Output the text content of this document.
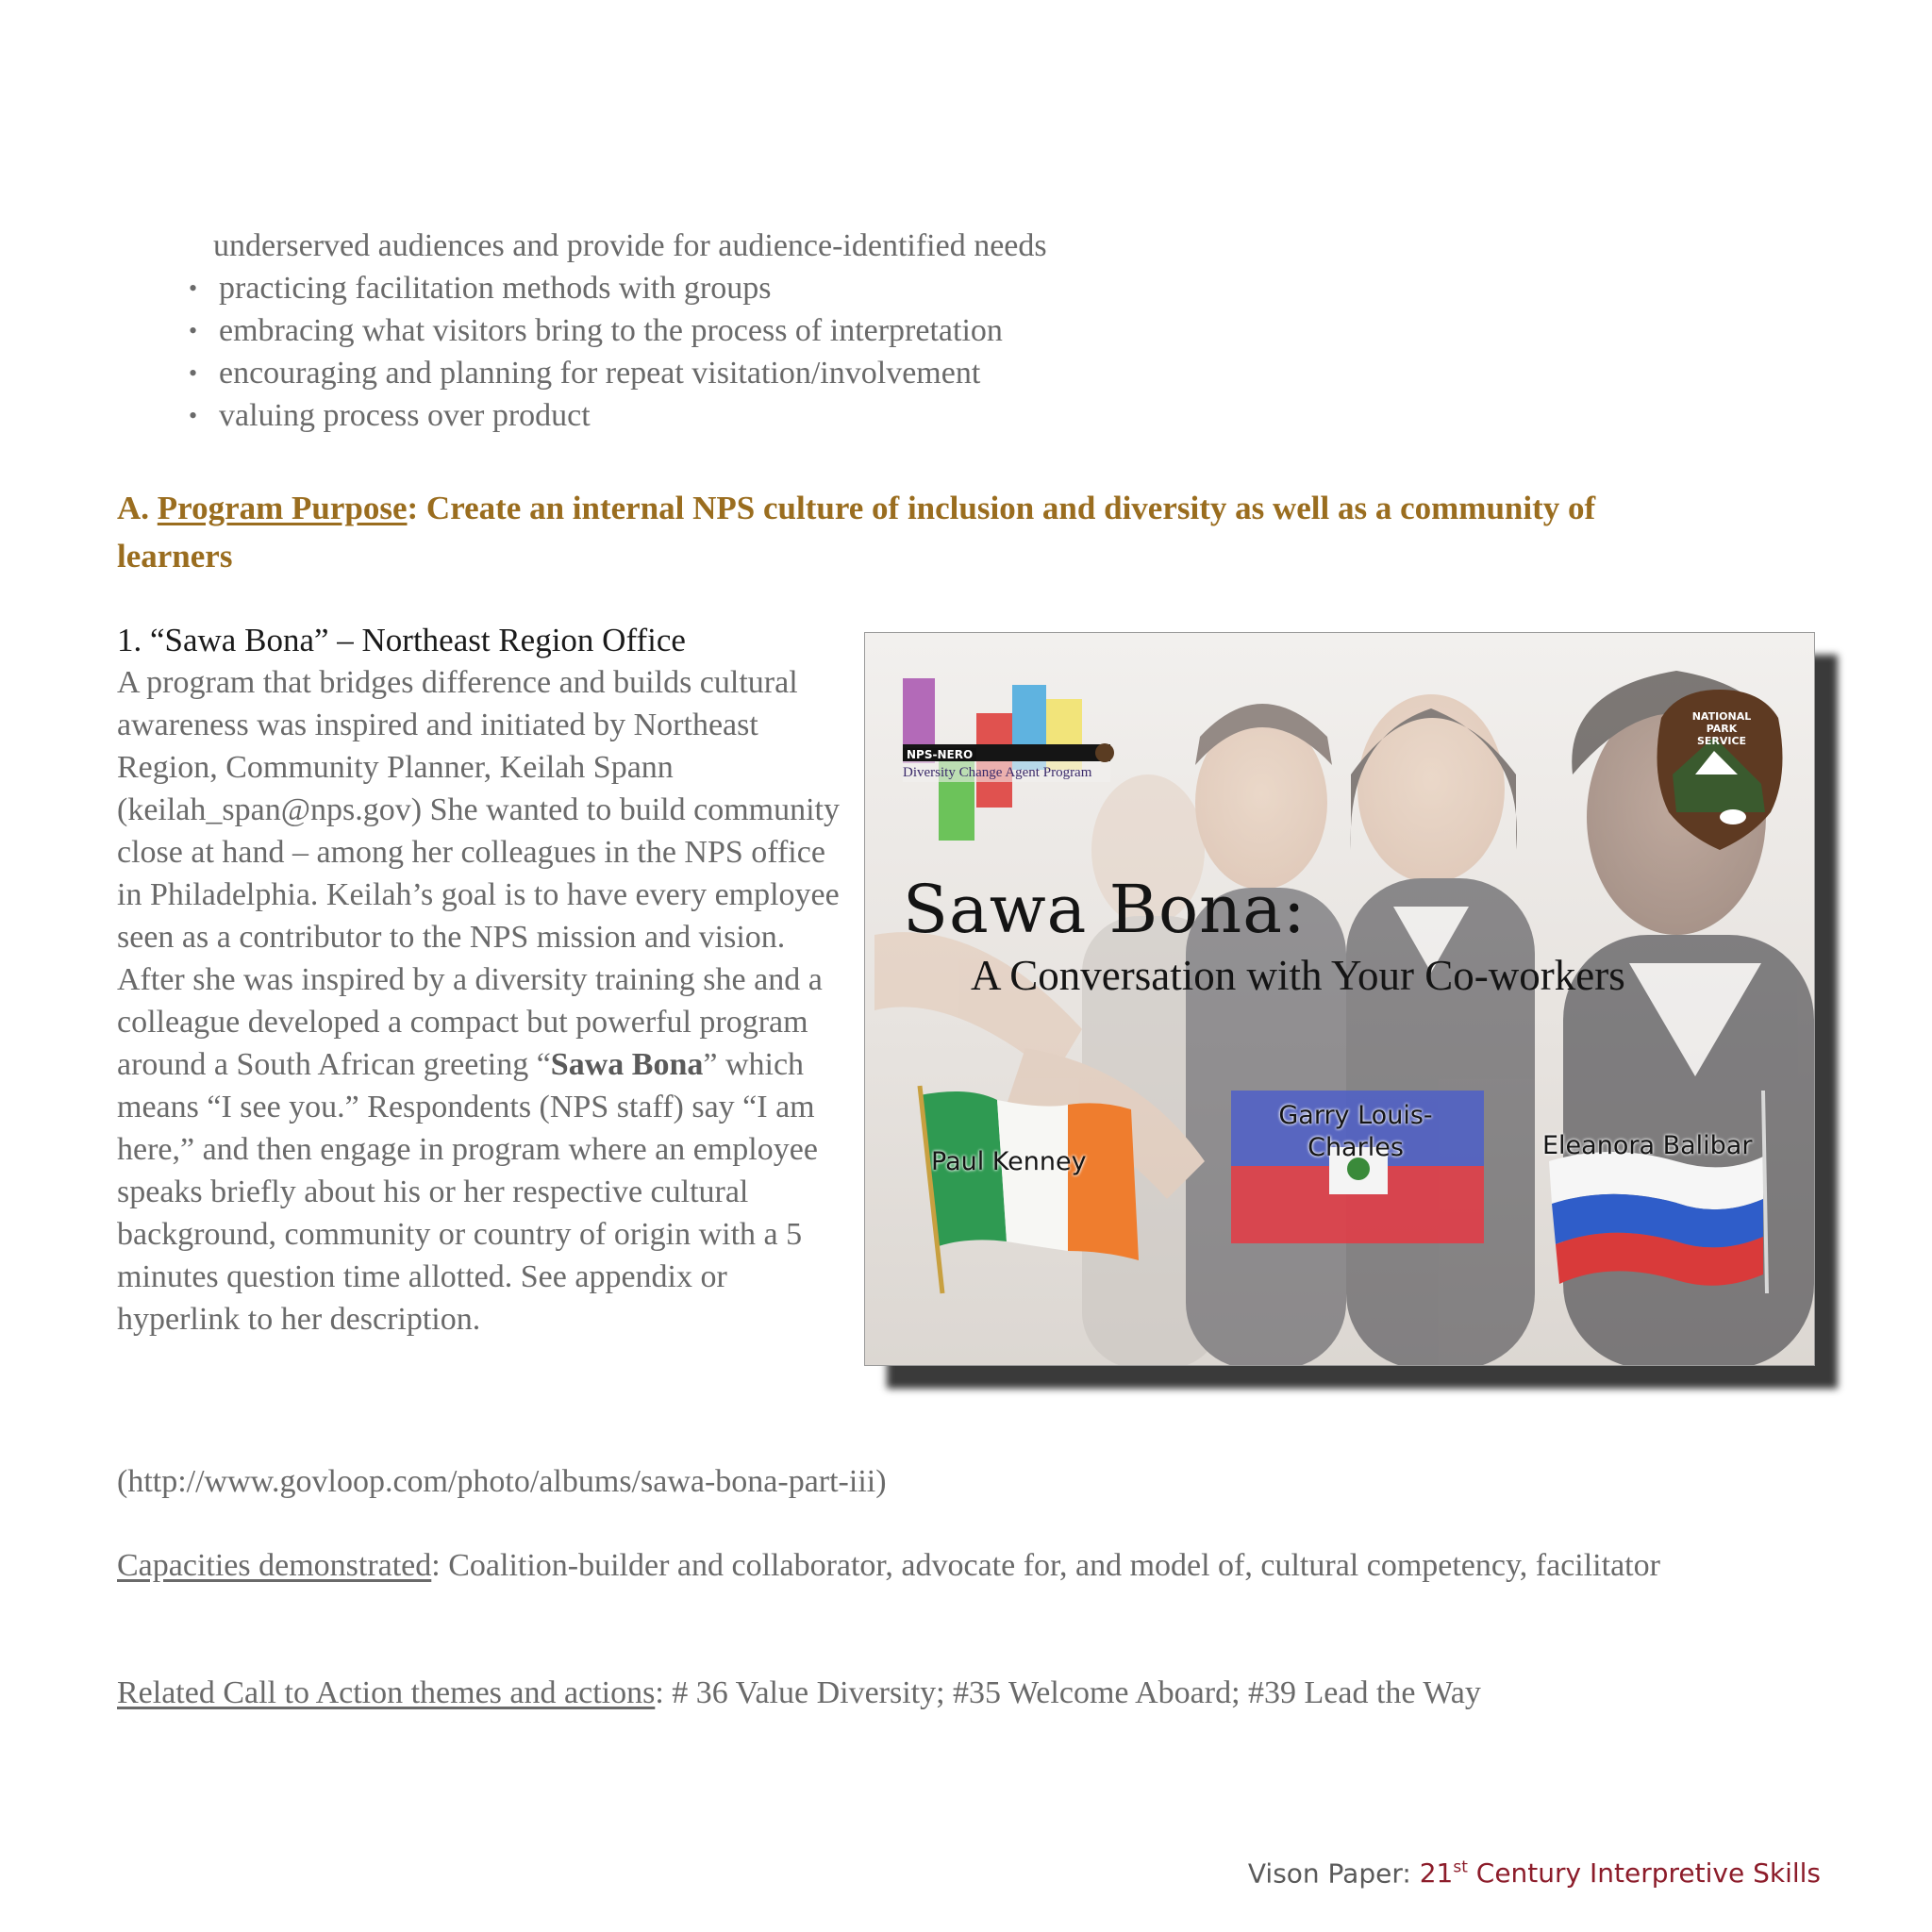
underserved audiences and provide for audience-identified needs
• practicing facilitation methods with groups
• embracing what visitors bring to the process of interpretation
• encouraging and planning for repeat visitation/involvement
• valuing process over product
A. Program Purpose: Create an internal NPS culture of inclusion and diversity as well as a community of learners
1. “Sawa Bona” – Northeast Region Office
A program that bridges difference and builds cultural awareness was inspired and initiated by Northeast Region, Community Planner, Keilah Spann (keilah_span@nps.gov) She wanted to build community close at hand – among her colleagues in the NPS office in Philadelphia. Keilah’s goal is to have every employee seen as a contributor to the NPS mission and vision. After she was inspired by a diversity training she and a colleague developed a compact but powerful program around a South African greeting “Sawa Bona” which means “I see you.” Respondents (NPS staff) say “I am here,” and then engage in program where an employee speaks briefly about his or her respective cultural background, community or country of origin with a 5 minutes question time allotted. See appendix or hyperlink to her description.
(http://www.govloop.com/photo/albums/sawa-bona-part-iii)
Capacities demonstrated: Coalition-builder and collaborator, advocate for, and model of, cultural competency, facilitator
Related Call to Action themes and actions: # 36 Value Diversity; #35 Welcome Aboard; #39 Lead the Way
NPS-NERO
Diversity Change Agent Program
NATIONAL PARK SERVICE
Sawa Bona:
A Conversation with Your Co-workers
Paul Kenney
Garry Louis-Charles	Eleanora Balibar
Vison Paper: 21st Century Interpretive Skills
